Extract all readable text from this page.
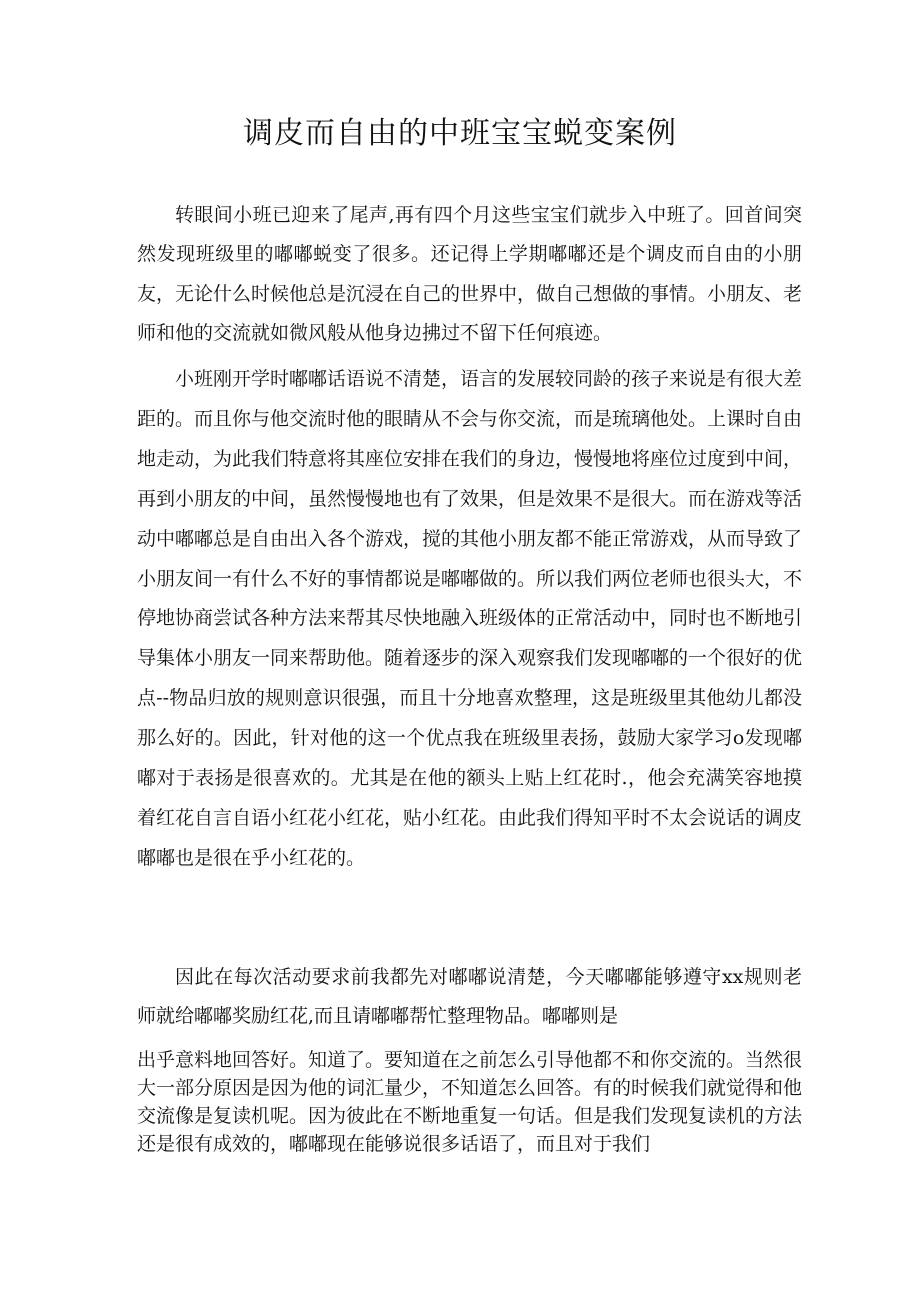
调皮而自由的中班宝宝蜕变案例

转眼间小班已迎来了尾声,再有四个月这些宝宝们就步入中班了。回首间突然发现班级里的嘟嘟蜕变了很多。还记得上学期嘟嘟还是个调皮而自由的小朋友，无论什么时候他总是沉浸在自己的世界中，做自己想做的事情。小朋友、老师和他的交流就如微风般从他身边拂过不留下任何痕迹。

小班刚开学时嘟嘟话语说不清楚，语言的发展较同龄的孩子来说是有很大差距的。而且你与他交流时他的眼睛从不会与你交流，而是琉璃他处。上课时自由地走动，为此我们特意将其座位安排在我们的身边，慢慢地将座位过度到中间，再到小朋友的中间，虽然慢慢地也有了效果，但是效果不是很大。而在游戏等活动中嘟嘟总是自由出入各个游戏，搅的其他小朋友都不能正常游戏，从而导致了小朋友间一有什么不好的事情都说是嘟嘟做的。所以我们两位老师也很头大，不停地协商尝试各种方法来帮其尽快地融入班级体的正常活动中，同时也不断地引导集体小朋友一同来帮助他。随着逐步的深入观察我们发现嘟嘟的一个很好的优点--物品归放的规则意识很强，而且十分地喜欢整理，这是班级里其他幼儿都没那么好的。因此，针对他的这一个优点我在班级里表扬，鼓励大家学习o发现嘟嘟对于表扬是很喜欢的。尤其是在他的额头上贴上红花时.，他会充满笑容地摸着红花自言自语小红花小红花，贴小红花。由此我们得知平时不太会说话的调皮嘟嘟也是很在乎小红花的。

因此在每次活动要求前我都先对嘟嘟说清楚，今天嘟嘟能够遵守xx规则老师就给嘟嘟奖励红花,而且请嘟嘟帮忙整理物品。嘟嘟则是

出乎意料地回答好。知道了。要知道在之前怎么引导他都不和你交流的。当然很大一部分原因是因为他的词汇量少，不知道怎么回答。有的时候我们就觉得和他交流像是复读机呢。因为彼此在不断地重复一句话。但是我们发现复读机的方法还是很有成效的，嘟嘟现在能够说很多话语了，而且对于我们
